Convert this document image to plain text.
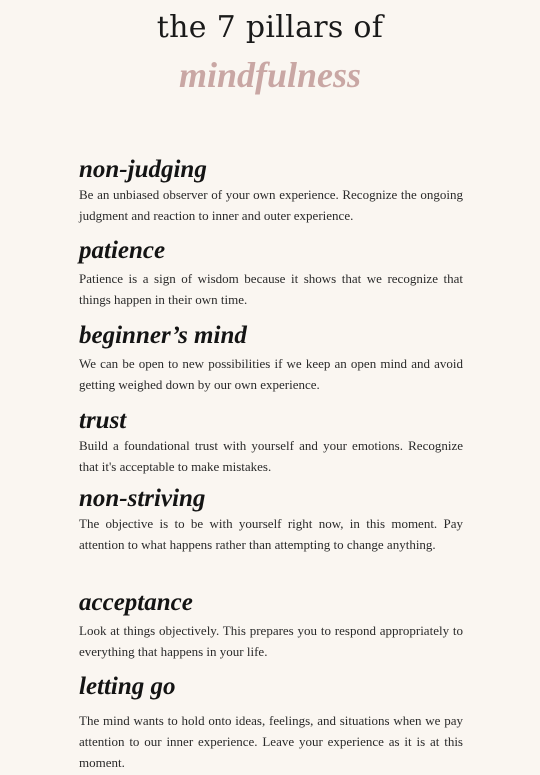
the 7 pillars of
mindfulness
non-judging

Be an unbiased observer of your own experience. Recognize the ongoing judgment and reaction to inner and outer experience.

patience

Patience is a sign of wisdom because it shows that we recognize that things happen in their own time.

beginner’s mind

We can be open to new possibilities if we keep an open mind and avoid getting weighed down by our own experience.

trust

Build a foundational trust with yourself and your emotions. Recognize that it's acceptable to make mistakes.

non-striving

The objective is to be with yourself right now, in this moment. Pay attention to what happens rather than attempting to change anything.

acceptance

Look at things objectively. This prepares you to respond appropriately to everything that happens in your life.

letting go

The mind wants to hold onto ideas, feelings, and situations when we pay attention to our inner experience. Leave your experience as it is at this moment.
